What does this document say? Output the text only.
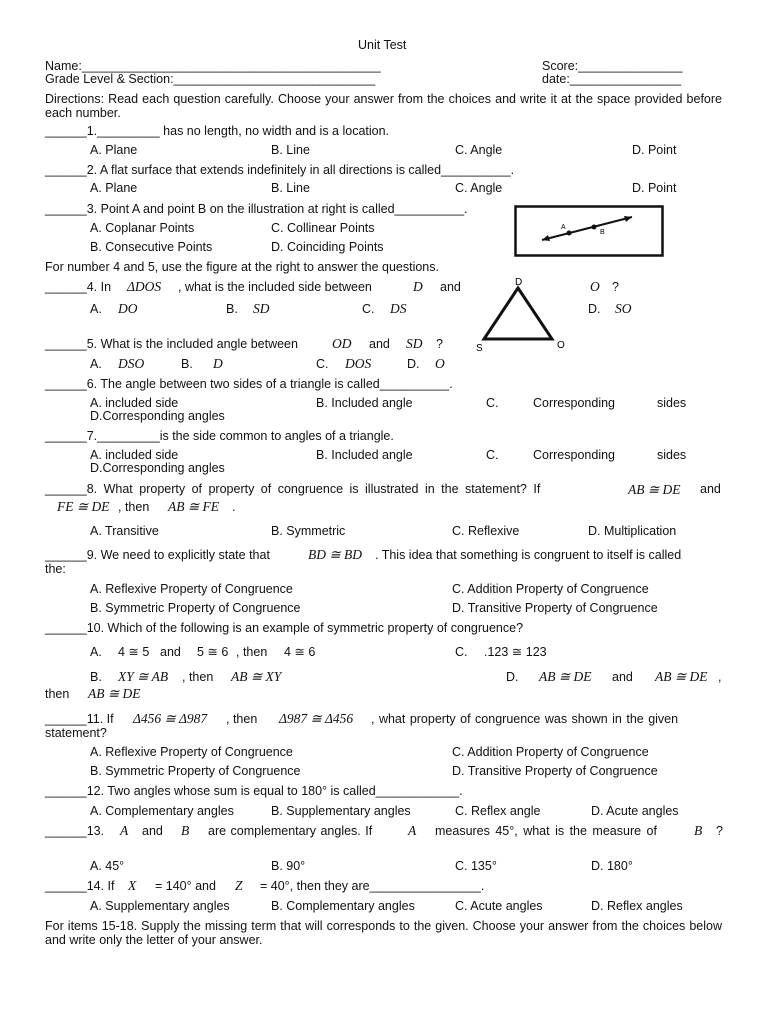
Unit Test
Name:___________________________________________	Score:_______________
Grade Level & Section:_____________________________	date:________________
Directions: Read each question carefully. Choose your answer from the choices and write it at the space provided before each number.
______1._________ has no length, no width and is a location.
A. Plane	B. Line	C. Angle	D. Point
______2. A flat surface that extends indefinitely in all directions is called__________.
A. Plane	B. Line	C. Angle	D. Point
______3. Point A and point B on the illustration at right is called__________.
A. Coplanar Points	C. Collinear Points
B. Consecutive Points	D. Coinciding Points
A
B
For number 4 and 5, use the figure at the right to answer the questions.
D
S	O
______4. In ΔDOS , what is the included side between	D and	O ?
A. DO	B. SD	C. DS	D. SO
______5. What is the included angle between	OD and SD ?
A. DSO	B. D	C. DOS	D. O
______6. The angle between two sides of a triangle is called__________.
A. included side	B. Included angle	C.	Corresponding	sides
D.Corresponding angles
______7._________is the side common to angles of a triangle.
A. included side	B. Included angle	C.	Corresponding	sides
D.Corresponding angles
______8. What property of property of congruence is illustrated in the statement? If	AB ≅ DE and
FE ≅ DE , then AB ≅ FE .
A. Transitive	B. Symmetric	C. Reflexive	D. Multiplication
______9. We need to explicitly state that	BD ≅ BD . This idea that something is congruent to itself is called
the:
A. Reflexive Property of Congruence	C. Addition Property of Congruence
B. Symmetric Property of Congruence	D. Transitive Property of Congruence
______10. Which of the following is an example of symmetric property of congruence?
A. 4 ≅ 5 and 5 ≅ 6 , then 4 ≅ 6	C. .123 ≅ 123
B. XY ≅ AB , then AB ≅ XY	D. AB ≅ DE and AB ≅ DE ,
then AB ≅ DE
______11. If Δ456 ≅ Δ987 , then Δ987 ≅ Δ456 , what property of congruence was shown in the given
statement?
A. Reflexive Property of Congruence	C. Addition Property of Congruence
B. Symmetric Property of Congruence	D. Transitive Property of Congruence
______12. Two angles whose sum is equal to 180° is called____________.
A. Complementary angles	B. Supplementary angles	C. Reflex angle	D. Acute angles
______13. A and B are complementary angles. If	A measures 45°, what is the measure of	B ?
A. 45°	B. 90°	C. 135°	D. 180°
______14. If X = 140° and Z = 40°, then they are________________.
A. Supplementary angles	B. Complementary angles	C. Acute angles	D. Reflex angles
For items 15-18. Supply the missing term that will corresponds to the given. Choose your answer from the choices below and write only the letter of your answer.
